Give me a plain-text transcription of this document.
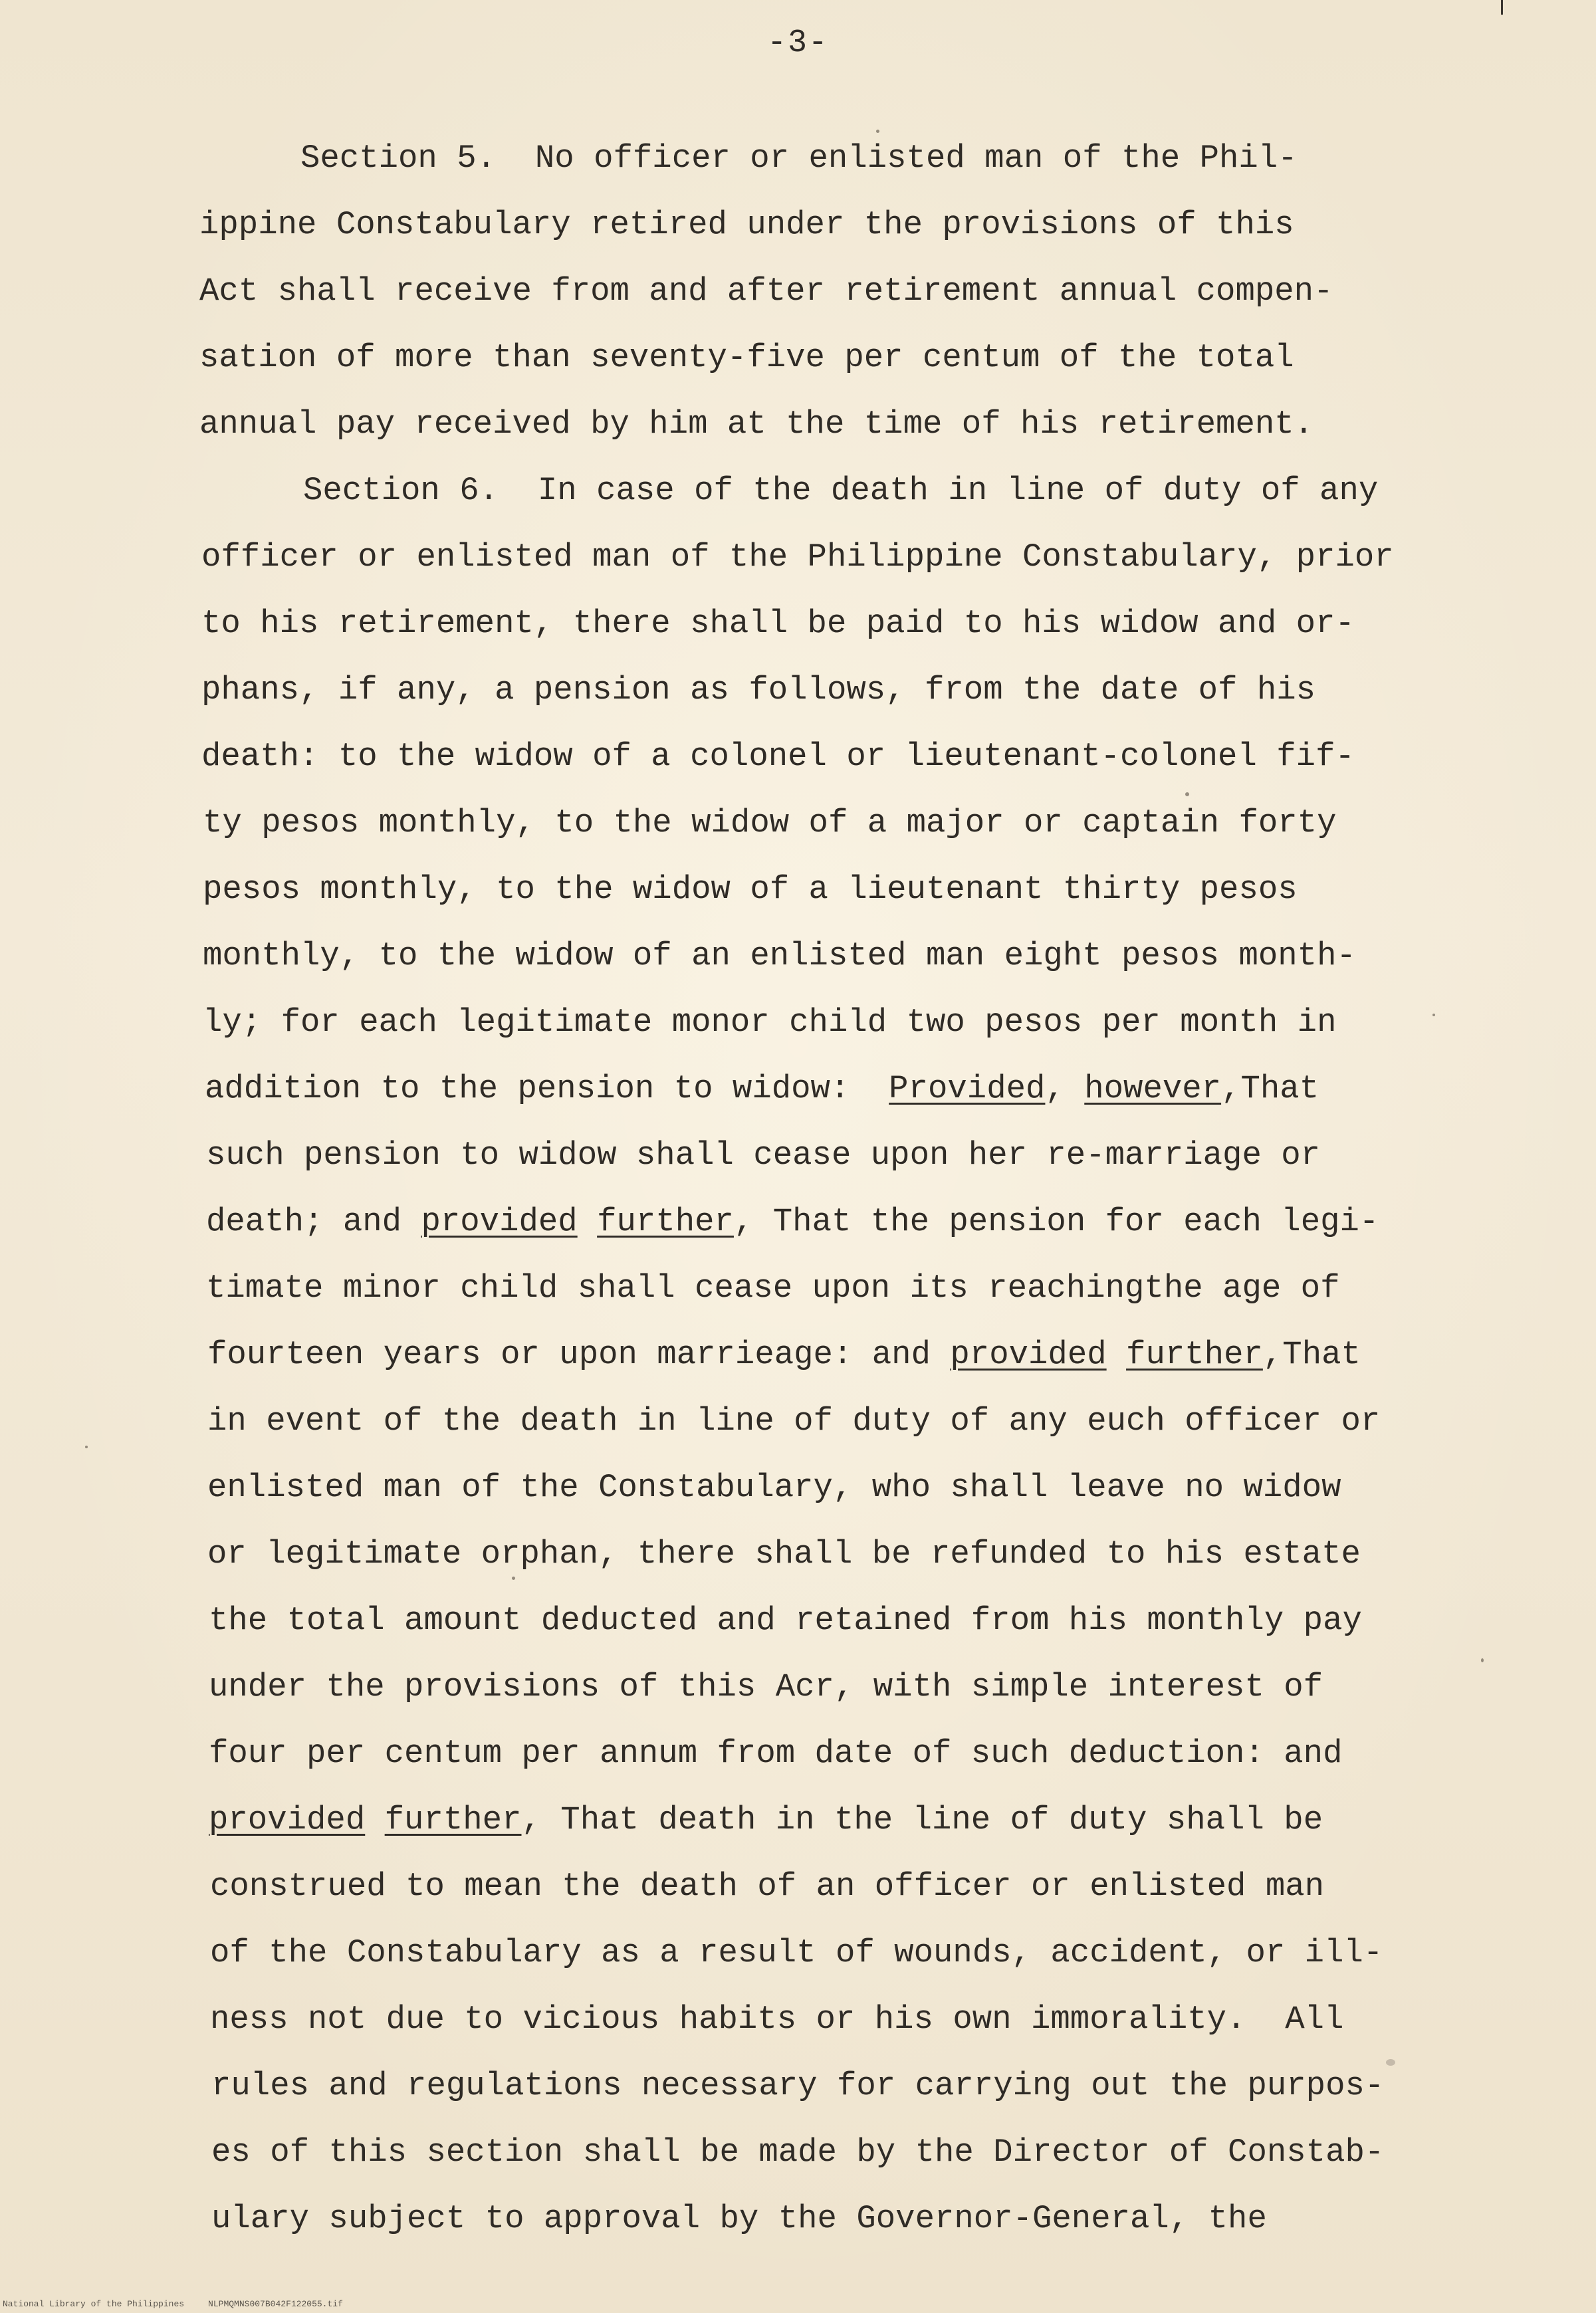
-3-
Section 5.  No officer or enlisted man of the Phil-
ippine Constabulary retired under the provisions of this
Act shall receive from and after retirement annual compen-
sation of more than seventy-five per centum of the total
annual pay received by him at the time of his retirement.
Section 6.  In case of the death in line of duty of any
officer or enlisted man of the Philippine Constabulary, prior
to his retirement, there shall be paid to his widow and or-
phans, if any, a pension as follows, from the date of his
death: to the widow of a colonel or lieutenant-colonel fif-
ty pesos monthly, to the widow of a major or captain forty
pesos monthly, to the widow of a lieutenant thirty pesos
monthly, to the widow of an enlisted man eight pesos month-
ly; for each legitimate monor child two pesos per month in
addition to the pension to widow:  Provided, however,That
such pension to widow shall cease upon her re-marriage or
death; and provided further, That the pension for each legi-
timate minor child shall cease upon its reachingthe age of
fourteen years or upon marrieage: and provided further,That
in event of the death in line of duty of any euch officer or
enlisted man of the Constabulary, who shall leave no widow
or legitimate orphan, there shall be refunded to his estate
the total amount deducted and retained from his monthly pay
under the provisions of this Acr, with simple interest of
four per centum per annum from date of such deduction: and
provided further, That death in the line of duty shall be
construed to mean the death of an officer or enlisted man
of the Constabulary as a result of wounds, accident, or ill-
ness not due to vicious habits or his own immorality.  All
rules and regulations necessary for carrying out the purpos-
es of this section shall be made by the Director of Constab-
ulary subject to approval by the Governor-General, the
National Library of the Philippines	NLPMQMNS007B042F122055.tif
